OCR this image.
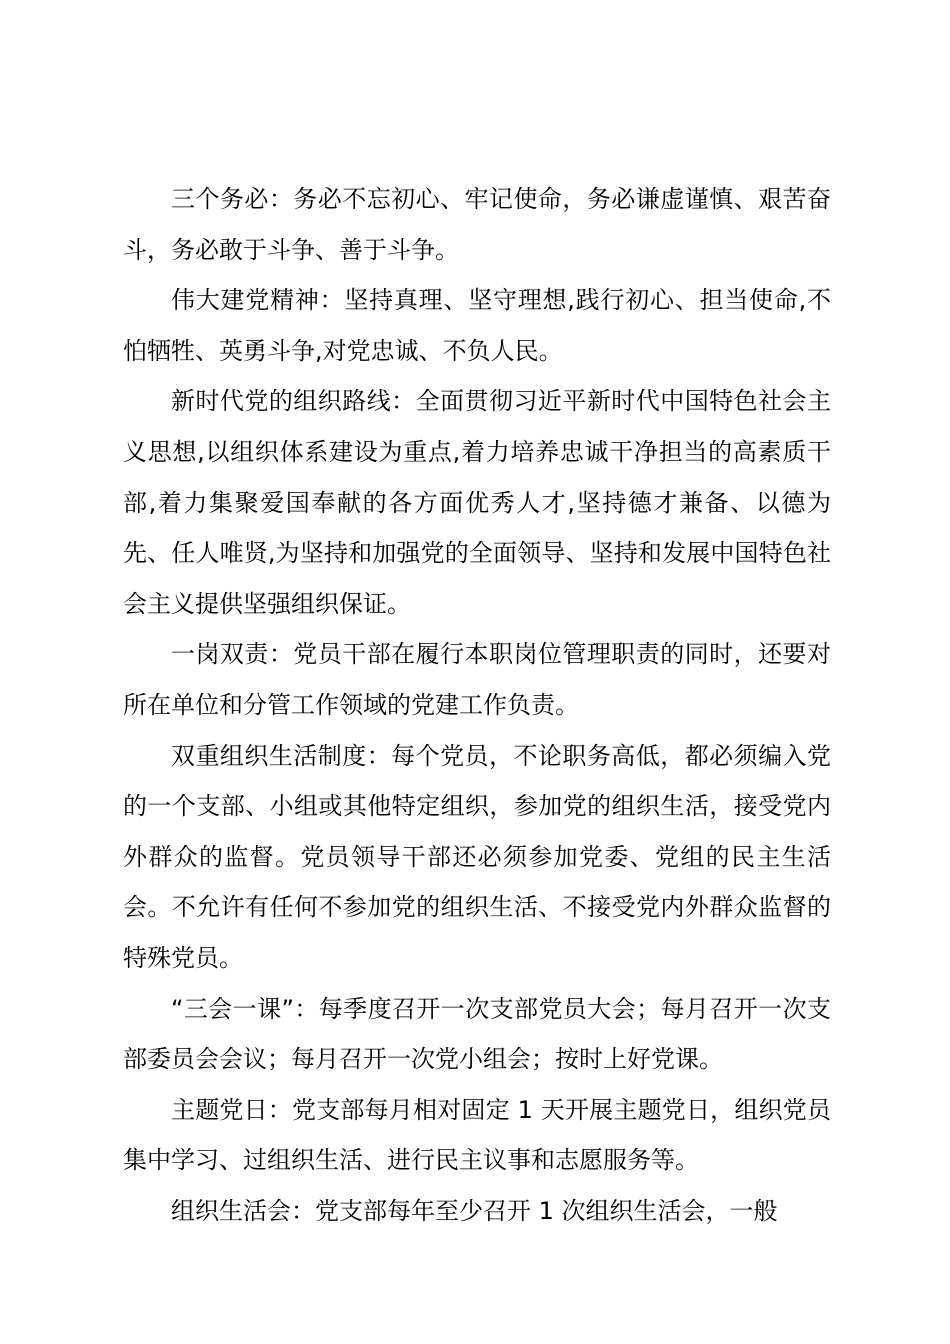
三个务必：务必不忘初心、牢记使命，务必谦虚谨慎、艰苦奋斗，务必敢于斗争、善于斗争。

伟大建党精神：坚持真理、坚守理想,践行初心、担当使命,不怕牺牲、英勇斗争,对党忠诚、不负人民。

新时代党的组织路线：全面贯彻习近平新时代中国特色社会主义思想,以组织体系建设为重点,着力培养忠诚干净担当的高素质干部,着力集聚爱国奉献的各方面优秀人才,坚持德才兼备、以德为先、任人唯贤,为坚持和加强党的全面领导、坚持和发展中国特色社会主义提供坚强组织保证。

一岗双责：党员干部在履行本职岗位管理职责的同时，还要对所在单位和分管工作领域的党建工作负责。

双重组织生活制度：每个党员，不论职务高低，都必须编入党的一个支部、小组或其他特定组织，参加党的组织生活，接受党内外群众的监督。党员领导干部还必须参加党委、党组的民主生活会。不允许有任何不参加党的组织生活、不接受党内外群众监督的特殊党员。

“三会一课”：每季度召开一次支部党员大会；每月召开一次支部委员会会议；每月召开一次党小组会；按时上好党课。

主题党日：党支部每月相对固定 1 天开展主题党日，组织党员集中学习、过组织生活、进行民主议事和志愿服务等。

组织生活会：党支部每年至少召开 1 次组织生活会，一般
